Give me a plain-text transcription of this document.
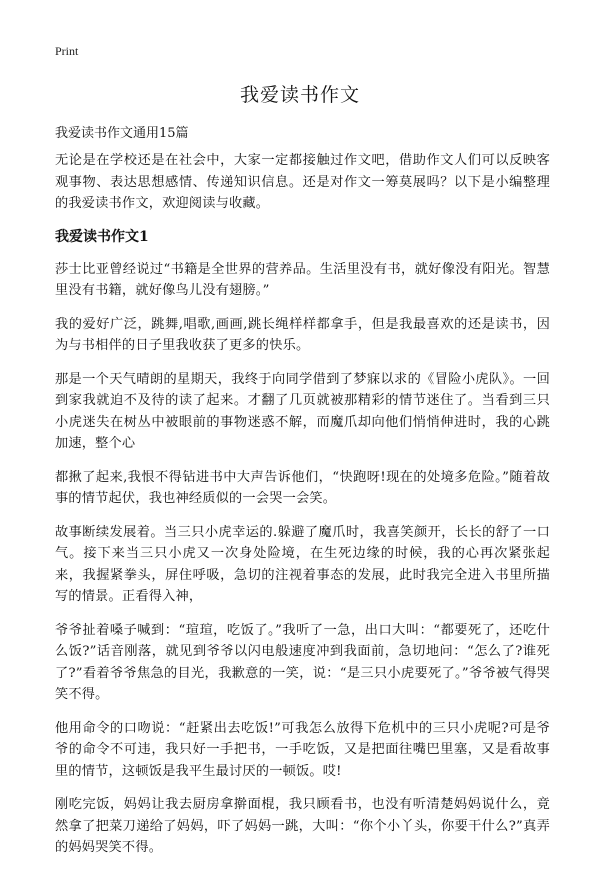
Print
我爱读书作文
我爱读书作文通用15篇

无论是在学校还是在社会中，大家一定都接触过作文吧，借助作文人们可以反映客观事物、表达思想感情、传递知识信息。还是对作文一筹莫展吗？以下是小编整理的我爱读书作文，欢迎阅读与收藏。

我爱读书作文1

莎士比亚曾经说过“书籍是全世界的营养品。生活里没有书，就好像没有阳光。智慧里没有书籍，就好像鸟儿没有翅膀。”

我的爱好广泛，跳舞,唱歌,画画,跳长绳样样都拿手，但是我最喜欢的还是读书，因为与书相伴的日子里我收获了更多的快乐。

那是一个天气晴朗的星期天，我终于向同学借到了梦寐以求的《冒险小虎队》。一回到家我就迫不及待的读了起来。才翻了几页就被那精彩的情节迷住了。当看到三只小虎迷失在树丛中被眼前的事物迷惑不解，而魔爪却向他们悄悄伸进时，我的心跳加速，整个心

都揪了起来,我恨不得钻进书中大声告诉他们，“快跑呀!现在的处境多危险。”随着故事的情节起伏，我也神经质似的一会哭一会笑。

故事断续发展着。当三只小虎幸运的.躲避了魔爪时，我喜笑颜开，长长的舒了一口气。接下来当三只小虎又一次身处险境，在生死边缘的时候，我的心再次紧张起来，我握紧拳头，屏住呼吸，急切的注视着事态的发展，此时我完全进入书里所描写的情景。正看得入神，

爷爷扯着嗓子喊到：“瑄瑄，吃饭了。”我听了一急，出口大叫：“都要死了，还吃什么饭?”话音刚落，就见到爷爷以闪电般速度冲到我面前，急切地问：“怎么了?谁死了?”看着爷爷焦急的目光，我歉意的一笑，说：“是三只小虎要死了。”爷爷被气得哭笑不得。

他用命令的口吻说：“赶紧出去吃饭!”可我怎么放得下危机中的三只小虎呢?可是爷爷的命令不可违，我只好一手把书，一手吃饭，又是把面往嘴巴里塞，又是看故事里的情节，这顿饭是我平生最讨厌的一顿饭。哎!

刚吃完饭，妈妈让我去厨房拿擀面棍，我只顾看书，也没有听清楚妈妈说什么，竟然拿了把菜刀递给了妈妈，吓了妈妈一跳，大叫：“你个小丫头，你要干什么?”真弄的妈妈哭笑不得。
